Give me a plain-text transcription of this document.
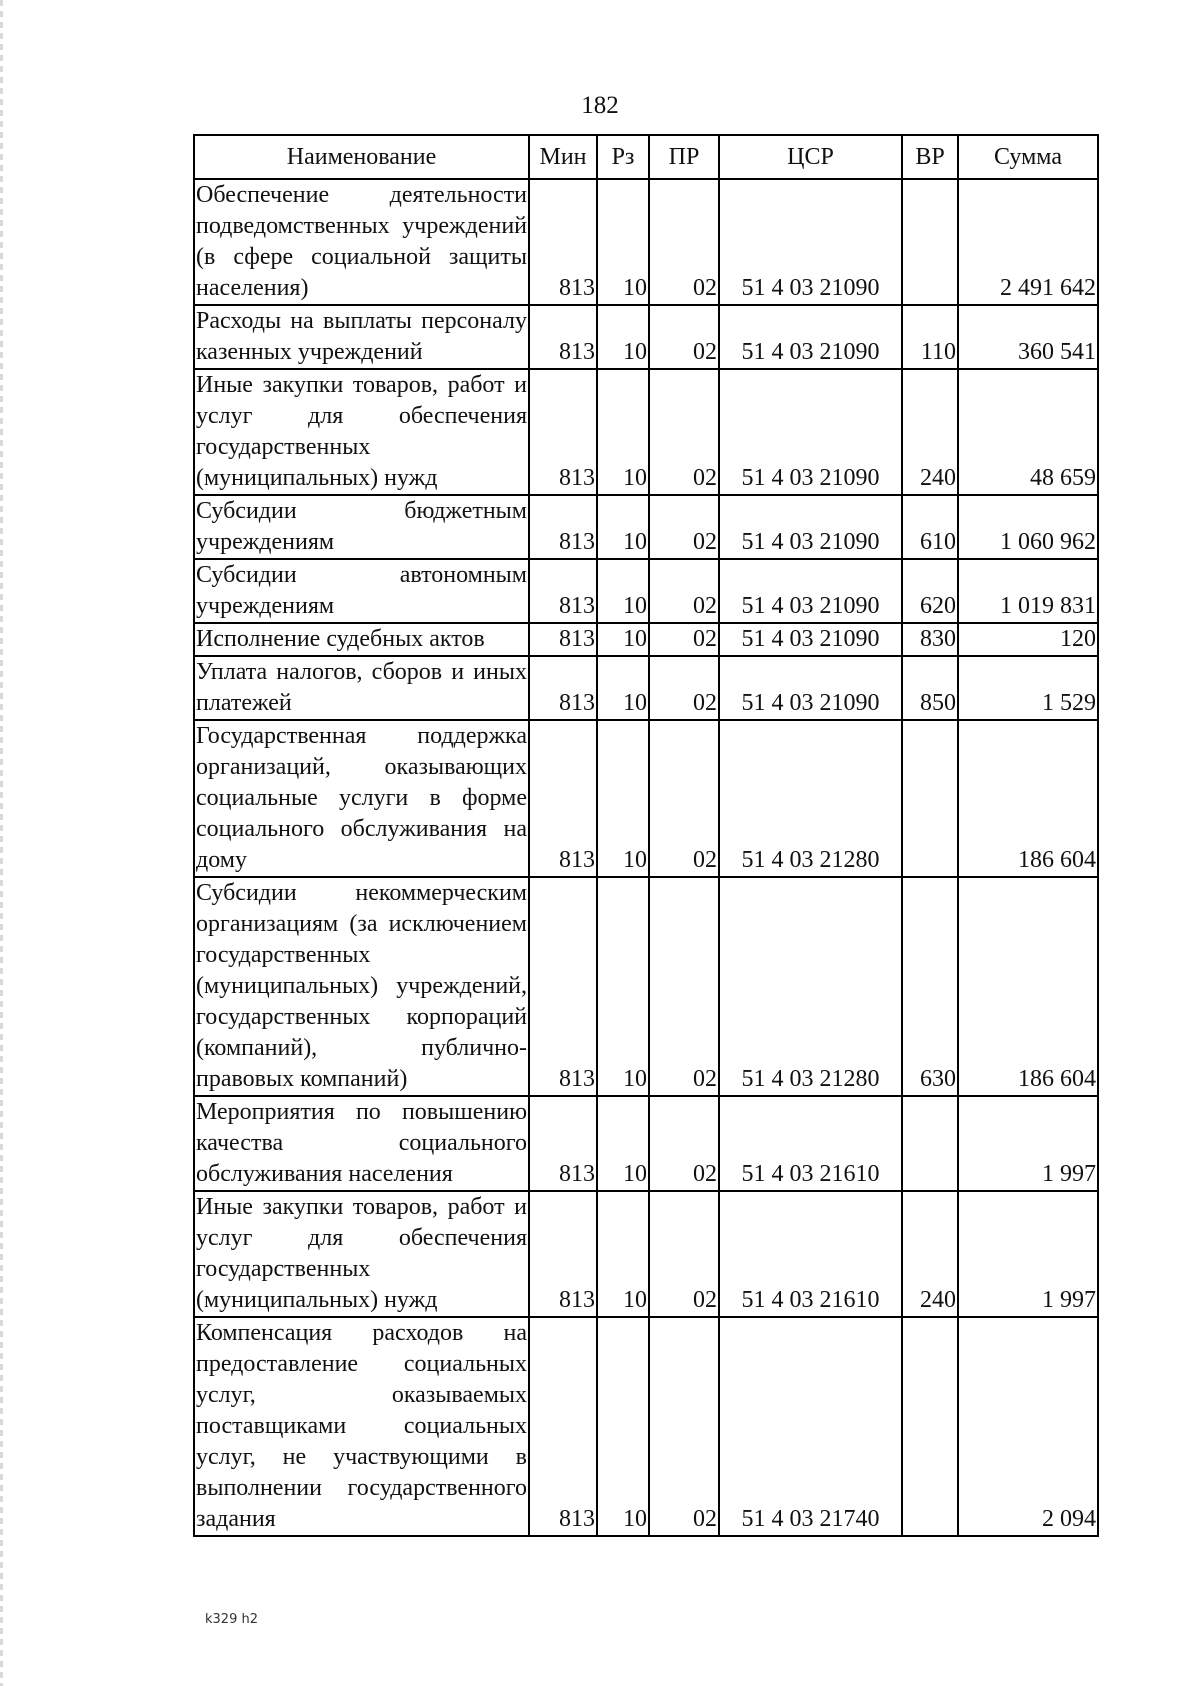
182
Наименование	Мин	Рз	ПР	ЦСР	ВР	Сумма
Обеспечение деятельности подведомственных учреждений (в сфере социальной защиты населения)	813	10	02	51 4 03 21090		2 491 642
Расходы на выплаты персоналу казенных учреждений	813	10	02	51 4 03 21090	110	360 541
Иные закупки товаров, работ и услуг для обеспечения государственных (муниципальных) нужд	813	10	02	51 4 03 21090	240	48 659
Субсидии бюджетным учреждениям	813	10	02	51 4 03 21090	610	1 060 962
Субсидии автономным учреждениям	813	10	02	51 4 03 21090	620	1 019 831
Исполнение судебных актов	813	10	02	51 4 03 21090	830	120
Уплата налогов, сборов и иных платежей	813	10	02	51 4 03 21090	850	1 529
Государственная поддержка организаций, оказывающих социальные услуги в форме социального обслуживания на дому	813	10	02	51 4 03 21280		186 604
Субсидии некоммерческим организациям (за исключением государственных (муниципальных) учреждений, государственных корпораций (компаний), публично-правовых компаний)	813	10	02	51 4 03 21280	630	186 604
Мероприятия по повышению качества социального обслуживания населения	813	10	02	51 4 03 21610		1 997
Иные закупки товаров, работ и услуг для обеспечения государственных (муниципальных) нужд	813	10	02	51 4 03 21610	240	1 997
Компенсация расходов на предоставление социальных услуг, оказываемых поставщиками социальных услуг, не участвующими в выполнении государственного задания	813	10	02	51 4 03 21740		2 094
k329 h2
